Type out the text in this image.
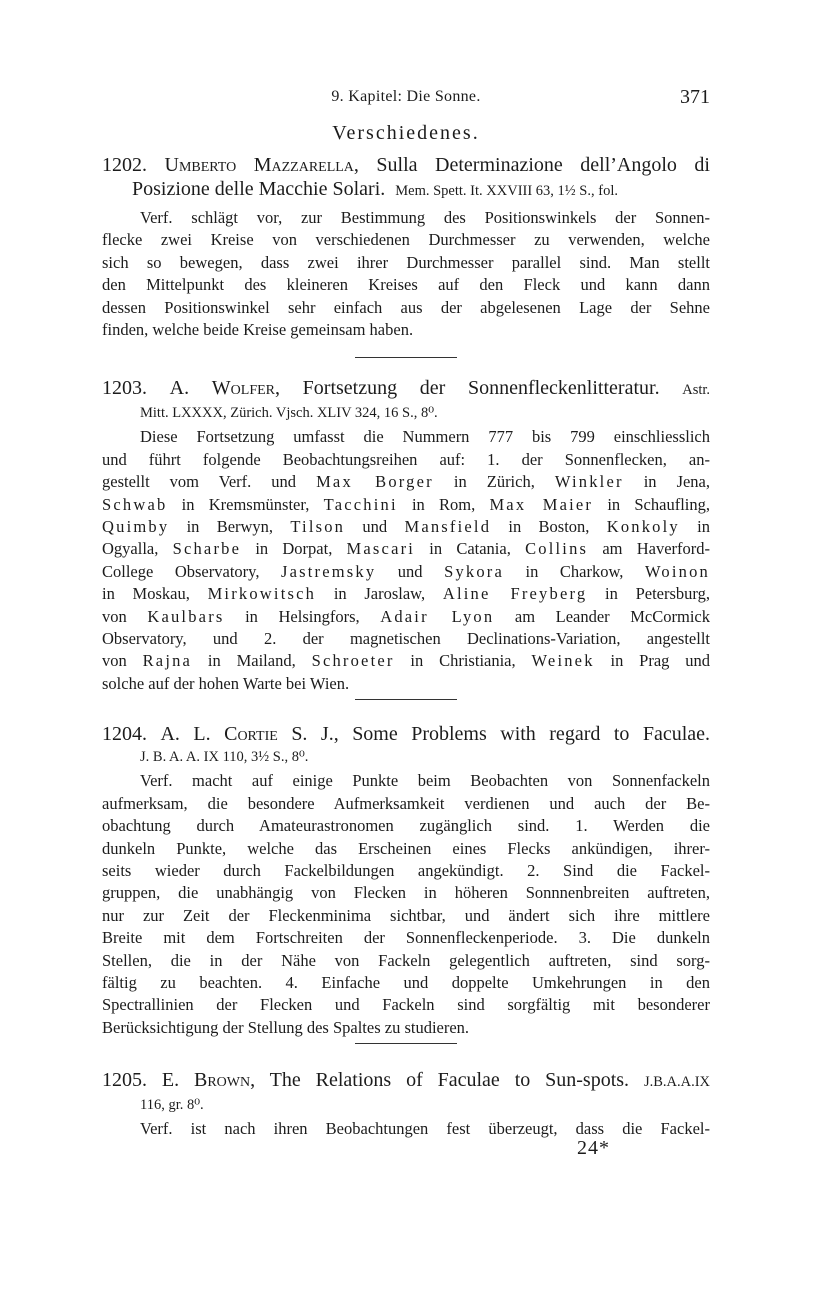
9. Kapitel: Die Sonne.	371
Verschiedenes.
1202. Umberto Mazzarella, Sulla Determinazione dell’Angolo di
Posizione delle Macchie Solari. Mem. Spett. It. XXVIII 63, 1½ S., fol.
Verf. schlägt vor, zur Bestimmung des Positionswinkels der Sonnen-
flecke zwei Kreise von verschiedenen Durchmesser zu verwenden, welche
sich so bewegen, dass zwei ihrer Durchmesser parallel sind. Man stellt
den Mittelpunkt des kleineren Kreises auf den Fleck und kann dann
dessen Positionswinkel sehr einfach aus der abgelesenen Lage der Sehne
finden, welche beide Kreise gemeinsam haben.
1203. A. Wolfer, Fortsetzung der Sonnenfleckenlitteratur. Astr.
Mitt. LXXXX, Zürich. Vjsch. XLIV 324, 16 S., 8⁰.
Diese Fortsetzung umfasst die Nummern 777 bis 799 einschliesslich
und führt folgende Beobachtungsreihen auf: 1. der Sonnenflecken, an-
gestellt vom Verf. und Max Borger in Zürich, Winkler in Jena,
Schwab in Kremsmünster, Tacchini in Rom, Max Maier in Schaufling,
Quimby in Berwyn, Tilson und Mansfield in Boston, Konkoly in
Ogyalla, Scharbe in Dorpat, Mascari in Catania, Collins am Haverford-
College Observatory, Jastremsky und Sykora in Charkow, Woinon
in Moskau, Mirkowitsch in Jaroslaw, Aline Freyberg in Petersburg,
von Kaulbars in Helsingfors, Adair Lyon am Leander McCormick
Observatory, und 2. der magnetischen Declinations-Variation, angestellt
von Rajna in Mailand, Schroeter in Christiania, Weinek in Prag und
solche auf der hohen Warte bei Wien.
1204. A. L. Cortie S. J., Some Problems with regard to Faculae.
J. B. A. A. IX 110, 3½ S., 8⁰.
Verf. macht auf einige Punkte beim Beobachten von Sonnenfackeln
aufmerksam, die besondere Aufmerksamkeit verdienen und auch der Be-
obachtung durch Amateurastronomen zugänglich sind. 1. Werden die
dunkeln Punkte, welche das Erscheinen eines Flecks ankündigen, ihrer-
seits wieder durch Fackelbildungen angekündigt. 2. Sind die Fackel-
gruppen, die unabhängig von Flecken in höheren Sonnnenbreiten auftreten,
nur zur Zeit der Fleckenminima sichtbar, und ändert sich ihre mittlere
Breite mit dem Fortschreiten der Sonnenfleckenperiode. 3. Die dunkeln
Stellen, die in der Nähe von Fackeln gelegentlich auftreten, sind sorg-
fältig zu beachten. 4. Einfache und doppelte Umkehrungen in den
Spectrallinien der Flecken und Fackeln sind sorgfältig mit besonderer
Berücksichtigung der Stellung des Spaltes zu studieren.
1205. E. Brown, The Relations of Faculae to Sun-spots. J.B.A.A.IX
116, gr. 8⁰.
Verf. ist nach ihren Beobachtungen fest überzeugt, dass die Fackel-
24*
